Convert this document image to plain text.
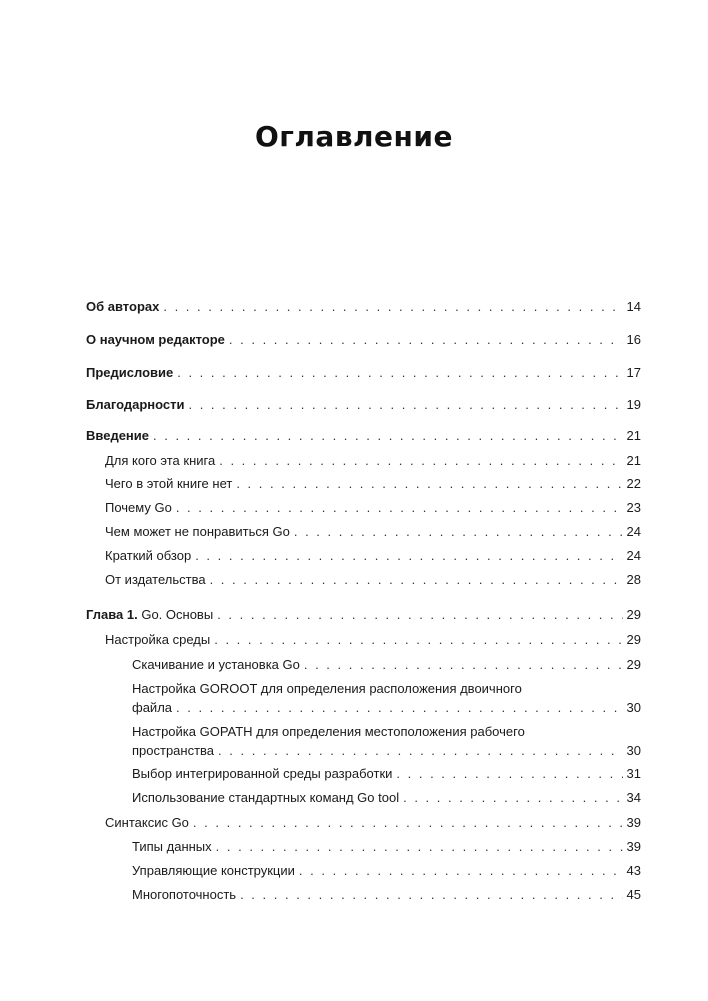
Оглавление
Об авторах . . .	14
О научном редакторе . . .	16
Предисловие . . .	17
Благодарности . . .	19
Введение . . .	21
Для кого эта книга . . .	21
Чего в этой книге нет . . .	22
Почему Go . . .	23
Чем может не понравиться Go . . .	24
Краткий обзор . . .	24
От издательства . . .	28
Глава 1. Go. Основы . . .	29
Настройка среды . . .	29
Скачивание и установка Go . . .	29
Настройка GOROOT для определения расположения двоичного
файла . . .	30
Настройка GOPATH для определения местоположения рабочего
пространства . . .	30
Выбор интегрированной среды разработки . . .	31
Использование стандартных команд Go tool . . .	34
Синтаксис Go . . .	39
Типы данных . . .	39
Управляющие конструкции . . .	43
Многопоточность . . .	45
